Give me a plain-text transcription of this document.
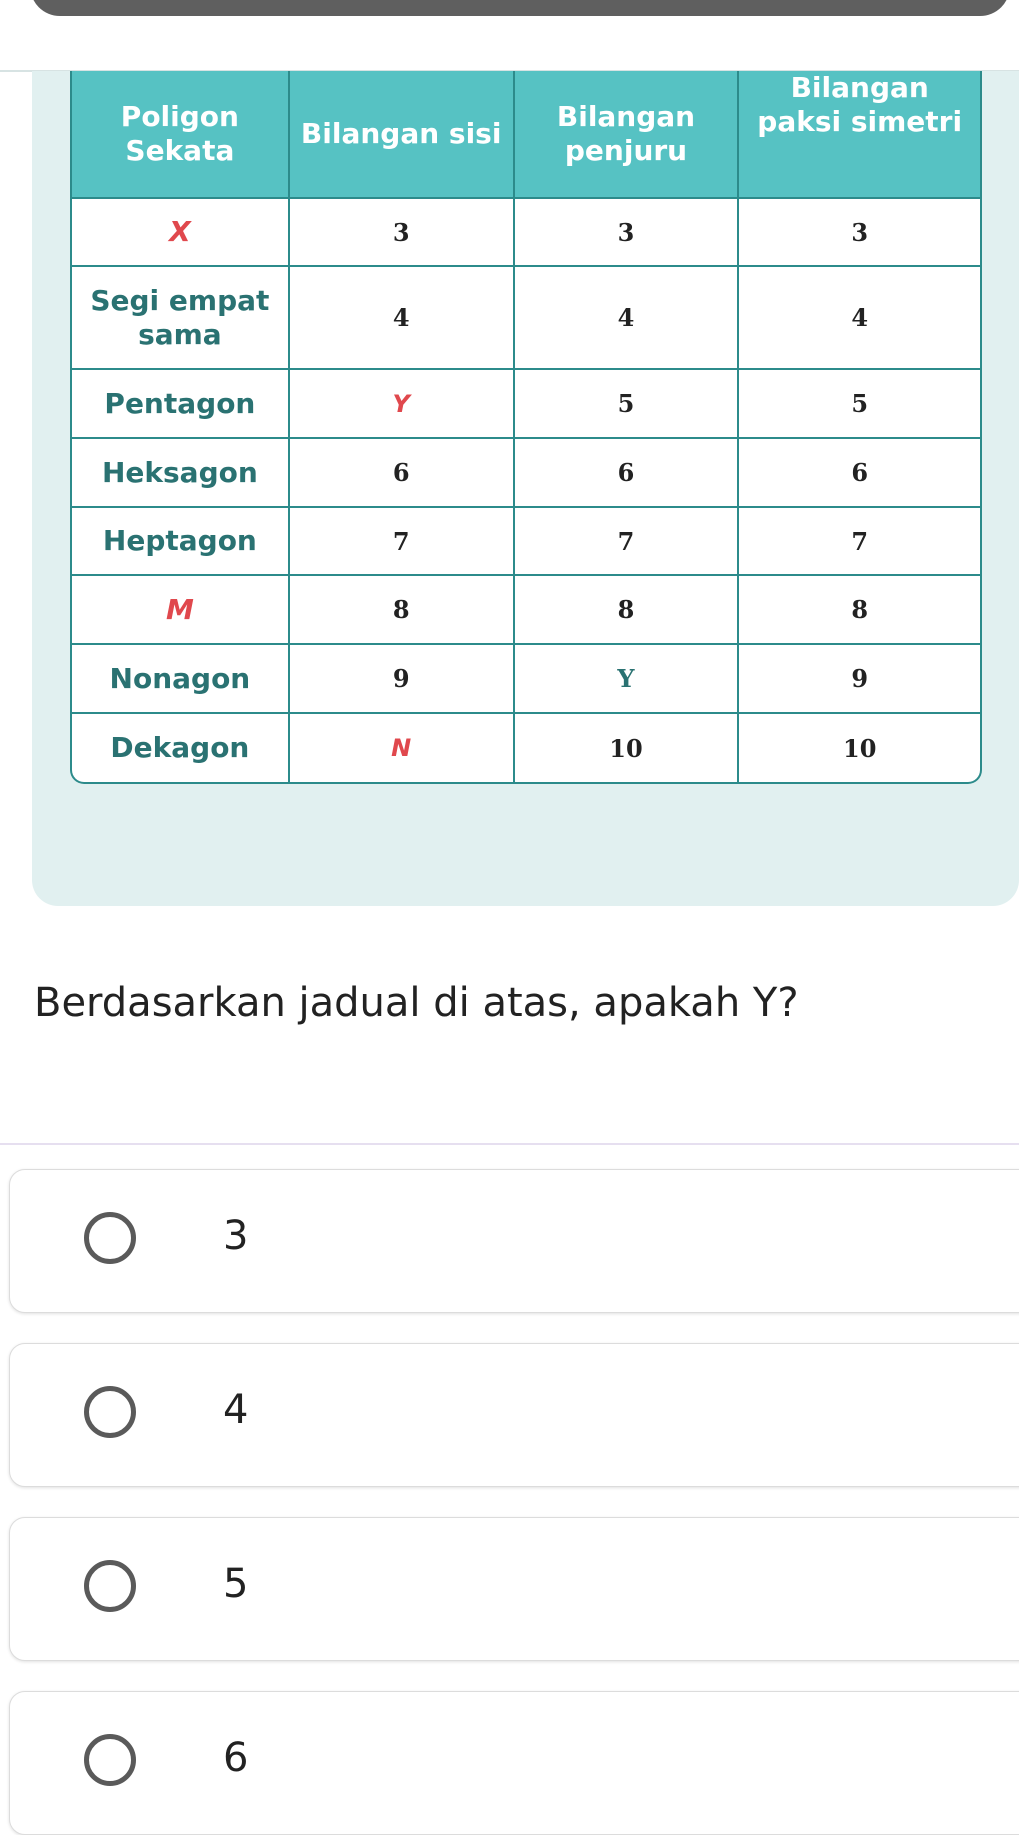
Poligon Sekata	Bilangan sisi	Bilangan penjuru	Bilangan paksi simetri
X	3	3	3
Segi empat sama	4	4	4
Pentagon	Y	5	5
Heksagon	6	6	6
Heptagon	7	7	7
M	8	8	8
Nonagon	9	Y	9
Dekagon	N	10	10
Berdasarkan jadual di atas, apakah Y?
3
4
5
6
